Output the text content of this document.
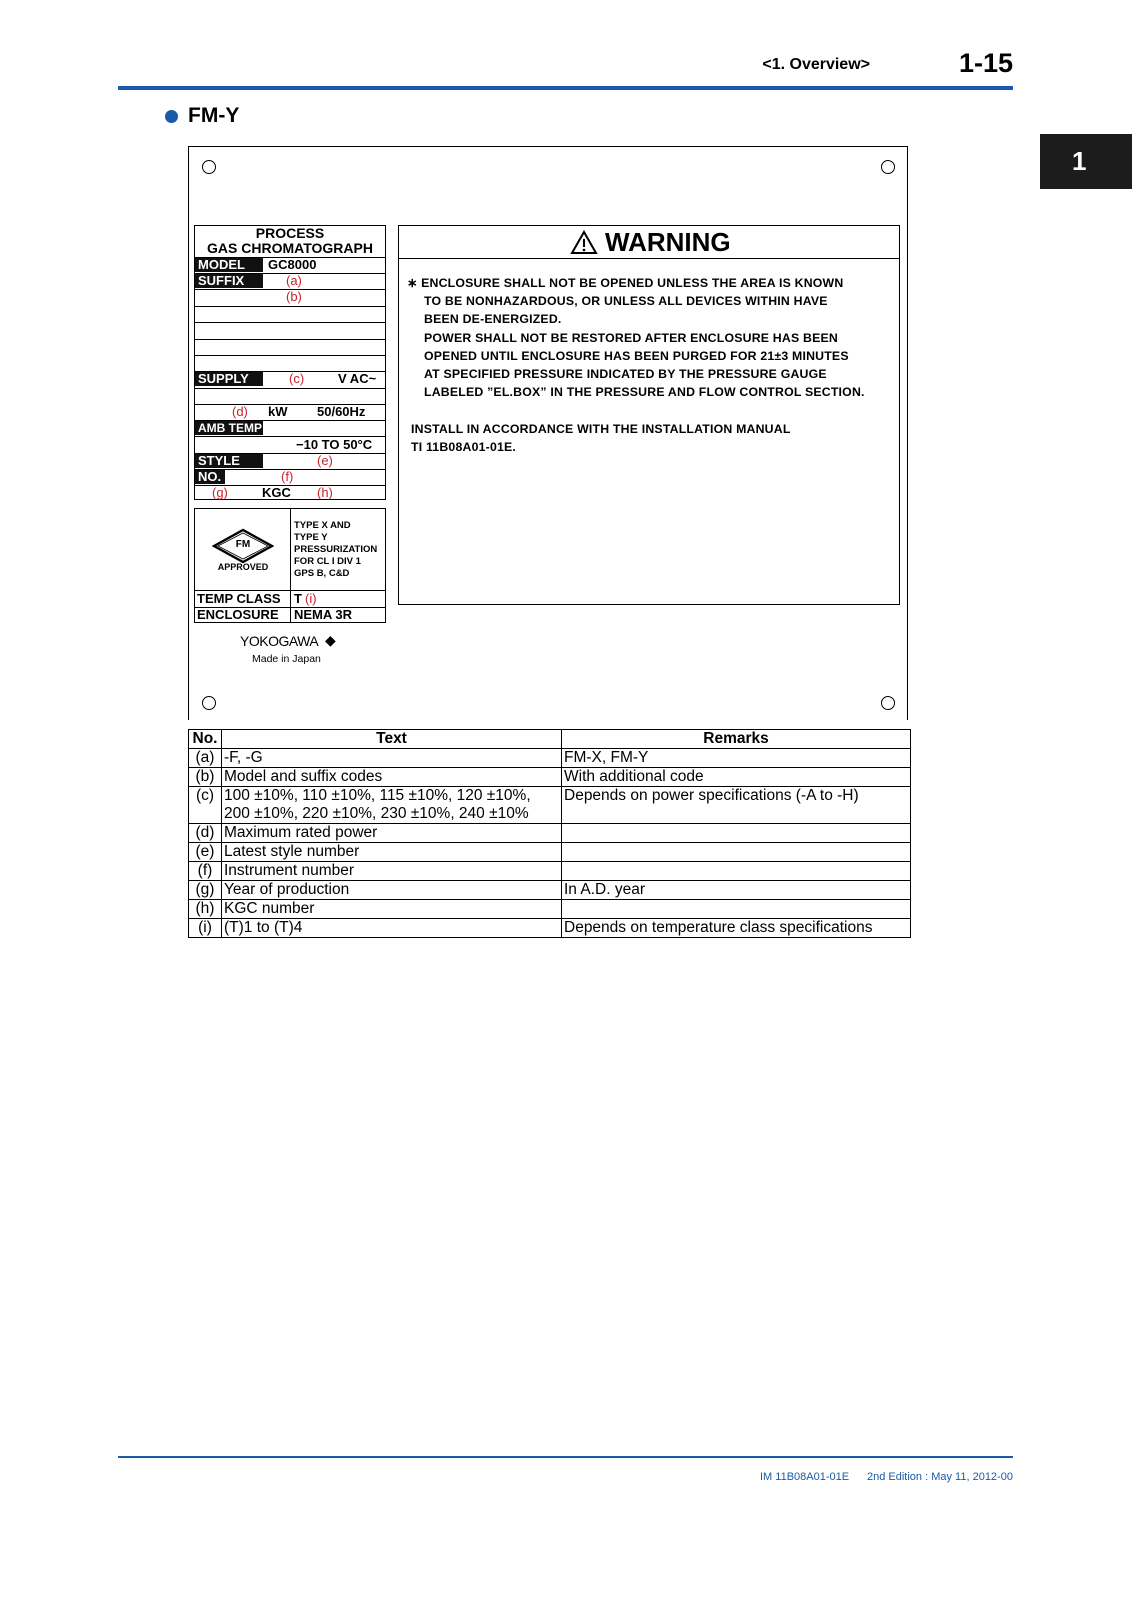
<1. Overview>	1-15
1
FM-Y
PROCESS
GAS CHROMATOGRAPH
MODEL	GC8000
SUFFIX	(a)
(b)
SUPPLY	(c)	V AC~
(d) kW 50/60Hz
AMB TEMP
−10 TO 50°C
STYLE	(e)
NO.	(f)
(g)	KGC (h)
FM
APPROVED
TYPE X AND
TYPE Y
PRESSURIZATION
FOR CL I DIV 1
GPS B, C&D
TEMP CLASS T (i)
ENCLOSURE NEMA 3R
YOKOGAWA ◆
Made in Japan
WARNING
∗ ENCLOSURE SHALL NOT BE OPENED UNLESS THE AREA IS KNOWN
TO BE NONHAZARDOUS, OR UNLESS ALL DEVICES WITHIN HAVE
BEEN DE-ENERGIZED.
POWER SHALL NOT BE RESTORED AFTER ENCLOSURE HAS BEEN
OPENED UNTIL ENCLOSURE HAS BEEN PURGED FOR 21±3 MINUTES
AT SPECIFIED PRESSURE INDICATED BY THE PRESSURE GAUGE
LABELED ”EL.BOX” IN THE PRESSURE AND FLOW CONTROL SECTION.
INSTALL IN ACCORDANCE WITH THE INSTALLATION MANUAL
TI 11B08A01-01E.
No.	Text	Remarks
(a)	-F, -G	FM-X, FM-Y
(b)	Model and suffix codes	With additional code
(c)	100 ±10%, 110 ±10%, 115 ±10%, 120 ±10%,
200 ±10%, 220 ±10%, 230 ±10%, 240 ±10%	Depends on power specifications (-A to -H)
(d)	Maximum rated power	
(e)	Latest style number	
(f)	Instrument number	
(g)	Year of production	In A.D. year
(h)	KGC number	
(i)	(T)1 to (T)4	Depends on temperature class specifications
IM 11B08A01-01E 2nd Edition : May 11, 2012-00
